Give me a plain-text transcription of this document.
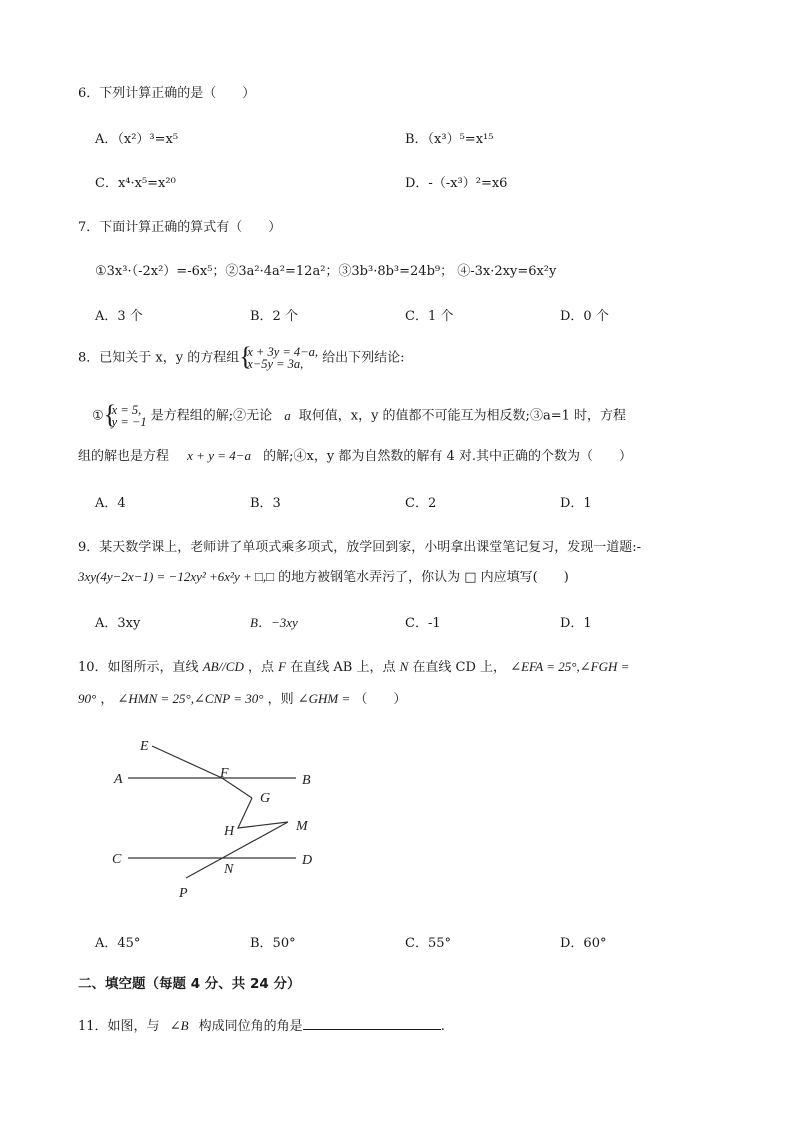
6．下列计算正确的是（　　）
A．（x²）³=x⁵	B．（x³）⁵=x¹⁵
C．x⁴·x⁵=x²⁰	D．-（-x³）²=x6
7．下面计算正确的算式有（　　）
①3x³·（-2x²）=-6x⁵；②3a²·4a²=12a²；③3b³·8b³=24b⁹； ④-3x·2xy=6x²y
A．3 个	B．2 个	C．1 个	D．0 个
8．已知关于 x，y 的方程组 {
x + 3y = 4−a,
x−5y = 3a,	给出下列结论:
① {
x = 5,
y = −1 是方程组的解;②无论 a 取何值，x，y 的值都不可能互为相反数;③a=1 时，方程
组的解也是方程 x + y = 4−a 的解;④x，y 都为自然数的解有 4 对.其中正确的个数为（　　）
A．4	B．3	C．2	D．1
9．某天数学课上，老师讲了单项式乘多项式，放学回到家，小明拿出课堂笔记复习，发现一道题:-
3xy(4y−2x−1) = −12xy² +6x²y + □,□ 的地方被钢笔水弄污了，你认为 □ 内应填写(　　)
A．3xy	B．−3xy	C．-1	D．1
10．如图所示，直线 AB//CD ，点 F 在直线 AB 上，点 N 在直线 CD 上， ∠EFA = 25°,∠FGH =
90° ， ∠HMN = 25°,∠CNP = 30° ，则 ∠GHM = （　　）
E
A	F	B
G
H	M
C
N
D
P
A．45°	B．50°	C．55°	D．60°
二、填空题（每题 4 分、共 24 分）
11．如图，与 ∠B 构成同位角的角是	.
